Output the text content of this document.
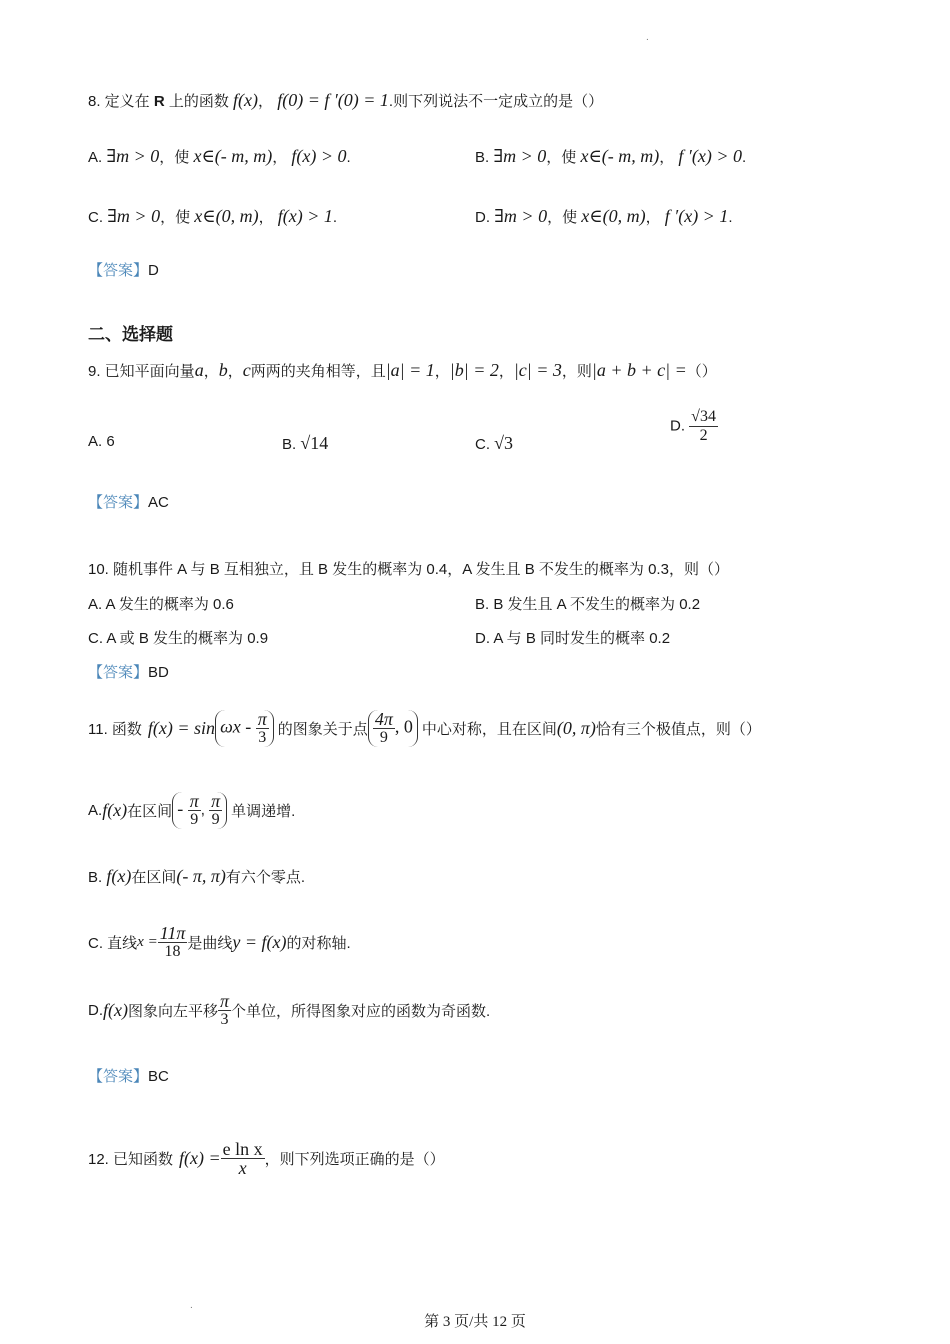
.
8. 定义在 R 上的函数 f(x)， f(0) = f ′(0) = 1.则下列说法不一定成立的是（）
A. ∃m > 0，使 x∈(- m, m)， f(x) > 0.	B. ∃m > 0，使 x∈(- m, m)， f ′(x) > 0.
C. ∃m > 0，使 x∈(0, m)， f(x) > 1.	D. ∃m > 0，使 x∈(0, m)， f ′(x) > 1.
【答案】D
二、选择题
9. 已知平面向量a，b，c两两的夹角相等，且|a| = 1，|b| = 2，|c| = 3，则|a + b + c| =（）
A. 6	B. √14	C. √3
D. $\frac{√34}{2}$
【答案】AC
10. 随机事件 A 与 B 互相独立，且 B 发生的概率为 0.4，A 发生且 B 不发生的概率为 0.3，则（）
A. A 发生的概率为 0.6	B. B 发生且 A 不发生的概率为 0.2
C. A 或 B 发生的概率为 0.9	D. A 与 B 同时发生的概率 0.2
【答案】BD
11. 函数 $f(x) = \sin \omega x - \frac{\pi}{3}$ 的图象关于点 $\frac{4\pi}{9}$ , 0 中心对称，且在区间 (0, π) 恰有三个极值点，则（）
A. f(x) 在区间 - $\frac{\pi}{9}$ , $\frac{\pi}{9}$ 单调递增.
B. f(x)在区间(- π, π)有六个零点.
C. 直线 $x = \frac{11\pi}{18}$ 是曲线 y = f(x) 的对称轴.
D. f(x) 图象向左平移 $\frac{\pi}{3}$ 个单位，所得图象对应的函数为奇函数.
【答案】BC
12. 已知函数 $f(x) = \frac{\text{e ln x}}{x}$ ，则下列选项正确的是（）
.
第 3 页/共 12 页
